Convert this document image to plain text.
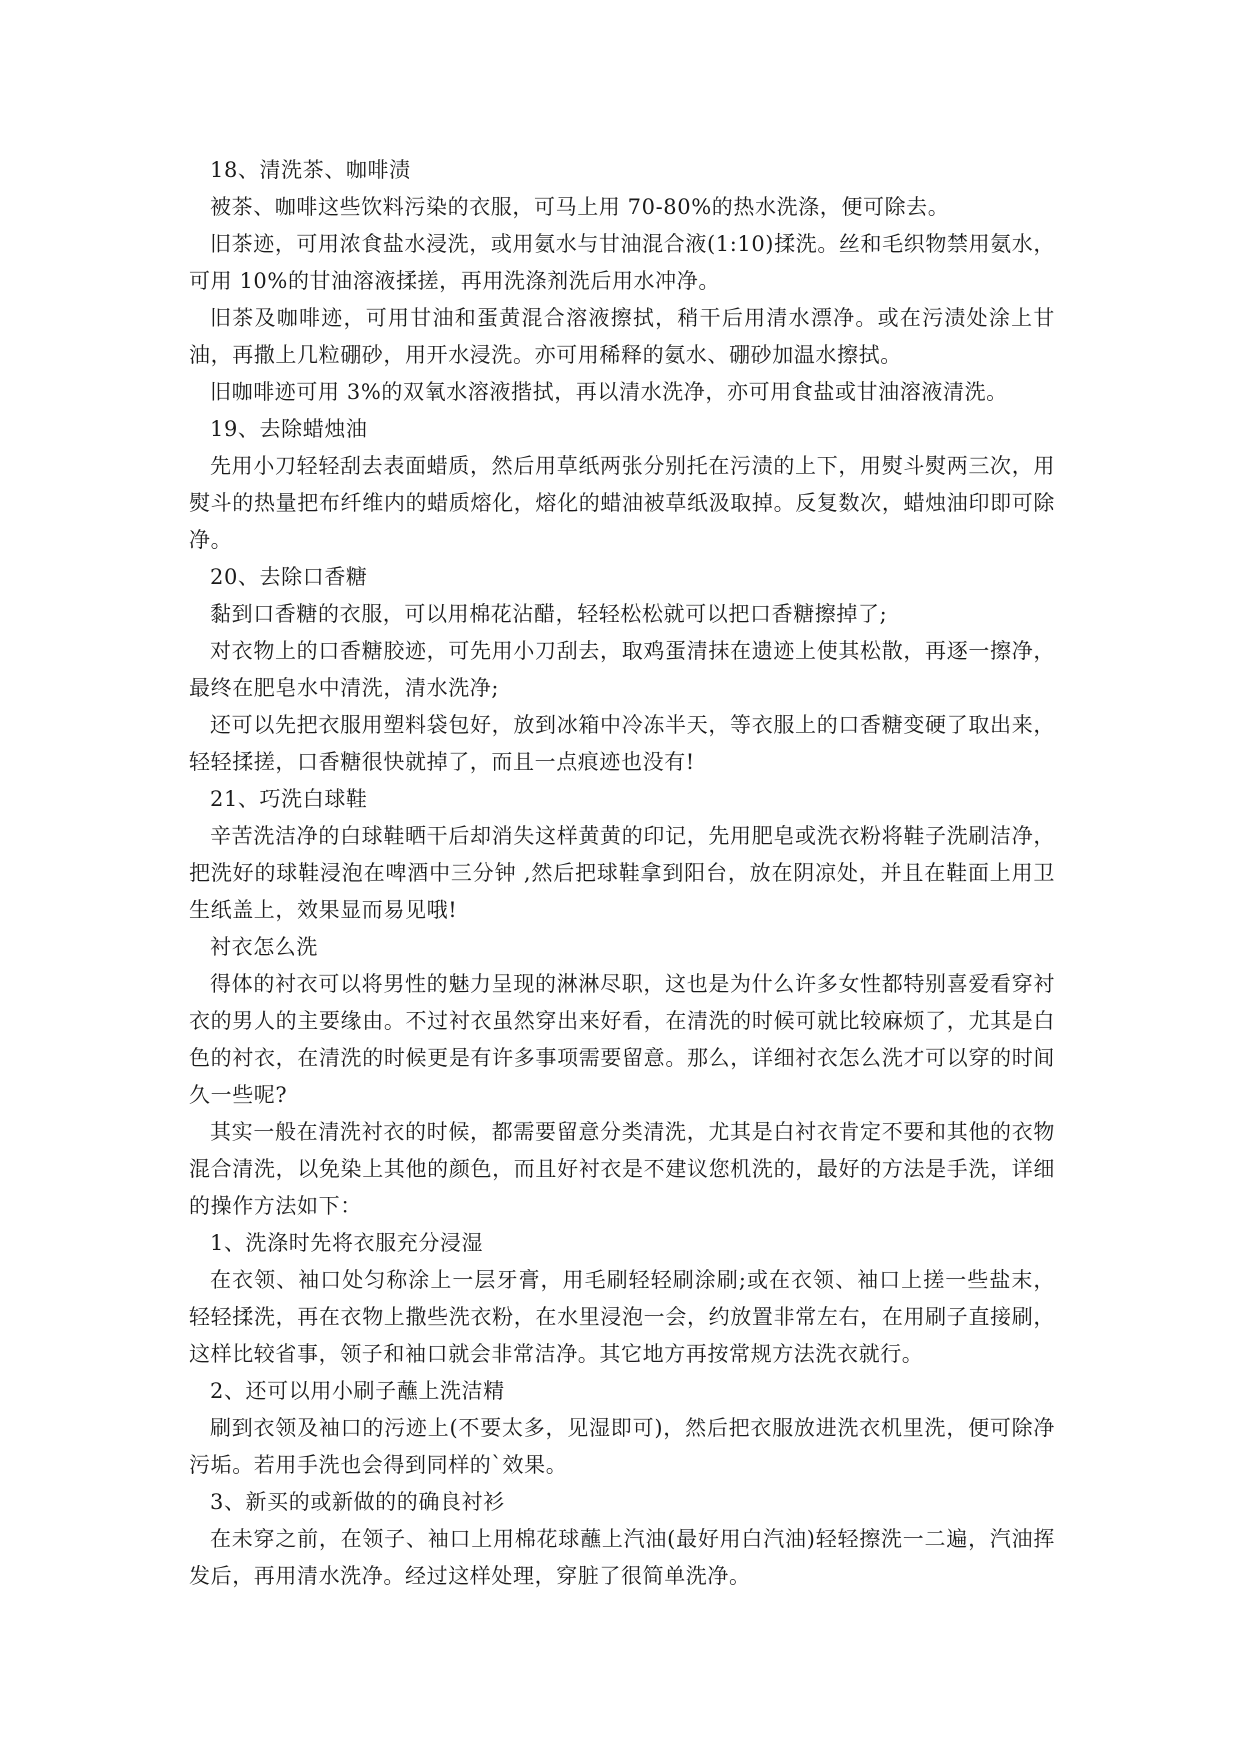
18、清洗茶、咖啡渍

被茶、咖啡这些饮料污染的衣服，可马上用 70-80%的热水洗涤，便可除去。

旧茶迹，可用浓食盐水浸洗，或用氨水与甘油混合液(1:10)揉洗。丝和毛织物禁用氨水，可用 10%的甘油溶液揉搓，再用洗涤剂洗后用水冲净。

旧茶及咖啡迹，可用甘油和蛋黄混合溶液擦拭，稍干后用清水漂净。或在污渍处涂上甘油，再撒上几粒硼砂，用开水浸洗。亦可用稀释的氨水、硼砂加温水擦拭。

旧咖啡迹可用 3%的双氧水溶液揩拭，再以清水洗净，亦可用食盐或甘油溶液清洗。

19、去除蜡烛油

先用小刀轻轻刮去表面蜡质，然后用草纸两张分别托在污渍的上下，用熨斗熨两三次，用熨斗的热量把布纤维内的蜡质熔化，熔化的蜡油被草纸汲取掉。反复数次，蜡烛油印即可除净。

20、去除口香糖

黏到口香糖的衣服，可以用棉花沾醋，轻轻松松就可以把口香糖擦掉了;

对衣物上的口香糖胶迹，可先用小刀刮去，取鸡蛋清抹在遗迹上使其松散，再逐一擦净，最终在肥皂水中清洗，清水洗净;

还可以先把衣服用塑料袋包好，放到冰箱中冷冻半天，等衣服上的口香糖变硬了取出来，轻轻揉搓，口香糖很快就掉了，而且一点痕迹也没有!

21、巧洗白球鞋

辛苦洗洁净的白球鞋晒干后却消失这样黄黄的印记，先用肥皂或洗衣粉将鞋子洗刷洁净，把洗好的球鞋浸泡在啤酒中三分钟 ,然后把球鞋拿到阳台，放在阴凉处，并且在鞋面上用卫生纸盖上，效果显而易见哦!

衬衣怎么洗

得体的衬衣可以将男性的魅力呈现的淋淋尽职，这也是为什么许多女性都特别喜爱看穿衬衣的男人的主要缘由。不过衬衣虽然穿出来好看，在清洗的时候可就比较麻烦了，尤其是白色的衬衣，在清洗的时候更是有许多事项需要留意。那么，详细衬衣怎么洗才可以穿的时间久一些呢?

其实一般在清洗衬衣的时候，都需要留意分类清洗，尤其是白衬衣肯定不要和其他的衣物混合清洗，以免染上其他的颜色，而且好衬衣是不建议您机洗的，最好的方法是手洗，详细的操作方法如下：

1、洗涤时先将衣服充分浸湿

在衣领、袖口处匀称涂上一层牙膏，用毛刷轻轻刷涂刷;或在衣领、袖口上搓一些盐末，轻轻揉洗，再在衣物上撒些洗衣粉，在水里浸泡一会，约放置非常左右，在用刷子直接刷，这样比较省事，领子和袖口就会非常洁净。其它地方再按常规方法洗衣就行。

2、还可以用小刷子蘸上洗洁精

刷到衣领及袖口的污迹上(不要太多，见湿即可)，然后把衣服放进洗衣机里洗，便可除净污垢。若用手洗也会得到同样的`效果。

3、新买的或新做的的确良衬衫

在未穿之前，在领子、袖口上用棉花球蘸上汽油(最好用白汽油)轻轻擦洗一二遍，汽油挥发后，再用清水洗净。经过这样处理，穿脏了很简单洗净。
